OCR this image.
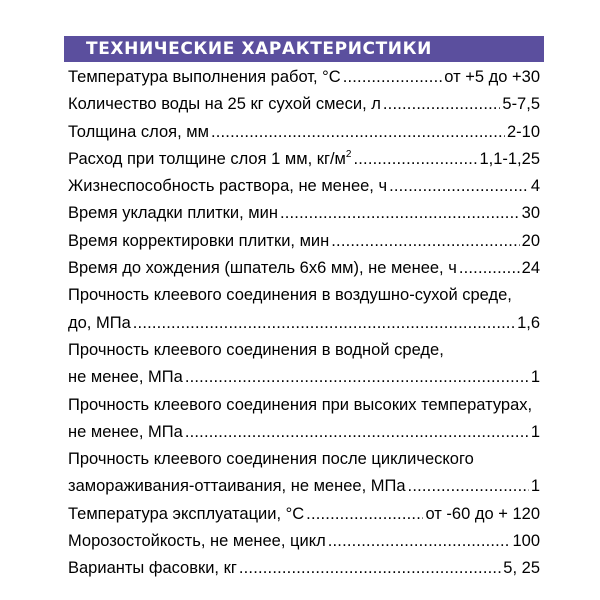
ТЕХНИЧЕСКИЕ ХАРАКТЕРИСТИКИ
Температура выполнения работ, °C .....	от +5 до +30
Количество воды на 25 кг сухой смеси, л .....	5-7,5
Толщина слоя, мм .....	2-10
Расход при толщине слоя 1 мм, $кг/м^2$ .....	1,1-1,25
Жизнеспособность раствора, не менее, ч .....	4
Время укладки плитки, мин .....	30
Время корректировки плитки, мин .....	20
Время до хождения (шпатель 6х6 мм), не менее, ч .....	24
Прочность клеевого соединения в воздушно-сухой среде,
до, МПа .....	1,6
Прочность клеевого соединения в водной среде,
не менее, МПа .....	1
Прочность клеевого соединения при высоких температурах,
не менее, МПа .....	1
Прочность клеевого соединения после циклического
замораживания-оттаивания, не менее, МПа .....	1
Температура эксплуатации, °C .....	от -60 до + 120
Морозостойкость, не менее, цикл .....	100
Варианты фасовки, кг .....	5, 25
